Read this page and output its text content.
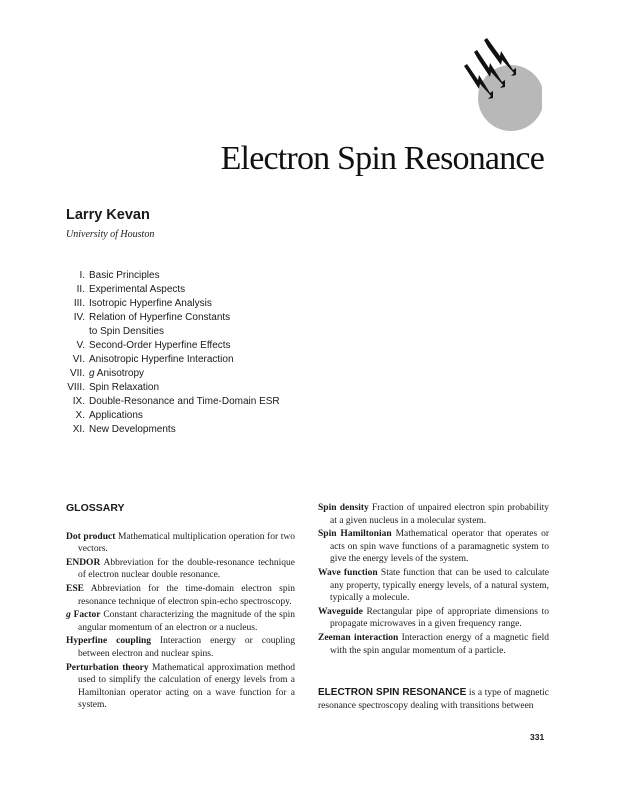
Electron Spin Resonance
Larry Kevan
University of Houston
I. Basic Principles
II. Experimental Aspects
III. Isotropic Hyperfine Analysis
IV. Relation of Hyperfine Constants
to Spin Densities
V. Second-Order Hyperfine Effects
VI. Anisotropic Hyperfine Interaction
VII. g Anisotropy
VIII. Spin Relaxation
IX. Double-Resonance and Time-Domain ESR
X. Applications
XI. New Developments
GLOSSARY

Dot product Mathematical multiplication operation for two vectors.

ENDOR Abbreviation for the double-resonance technique of electron nuclear double resonance.

ESE Abbreviation for the time-domain electron spin resonance technique of electron spin-echo spectroscopy.

g Factor Constant characterizing the magnitude of the spin angular momentum of an electron or a nucleus.

Hyperfine coupling Interaction energy or coupling between electron and nuclear spins.

Perturbation theory Mathematical approximation method used to simplify the calculation of energy levels from a Hamiltonian operator acting on a wave function for a system.

Spin density Fraction of unpaired electron spin probability at a given nucleus in a molecular system.

Spin Hamiltonian Mathematical operator that operates or acts on spin wave functions of a paramagnetic system to give the energy levels of the system.

Wave function State function that can be used to calculate any property, typically energy levels, of a natural system, typically a molecule.

Waveguide Rectangular pipe of appropriate dimensions to propagate microwaves in a given frequency range.

Zeeman interaction Interaction energy of a magnetic field with the spin angular momentum of a particle.

ELECTRON SPIN RESONANCE is a type of magnetic resonance spectroscopy dealing with transitions between

331
